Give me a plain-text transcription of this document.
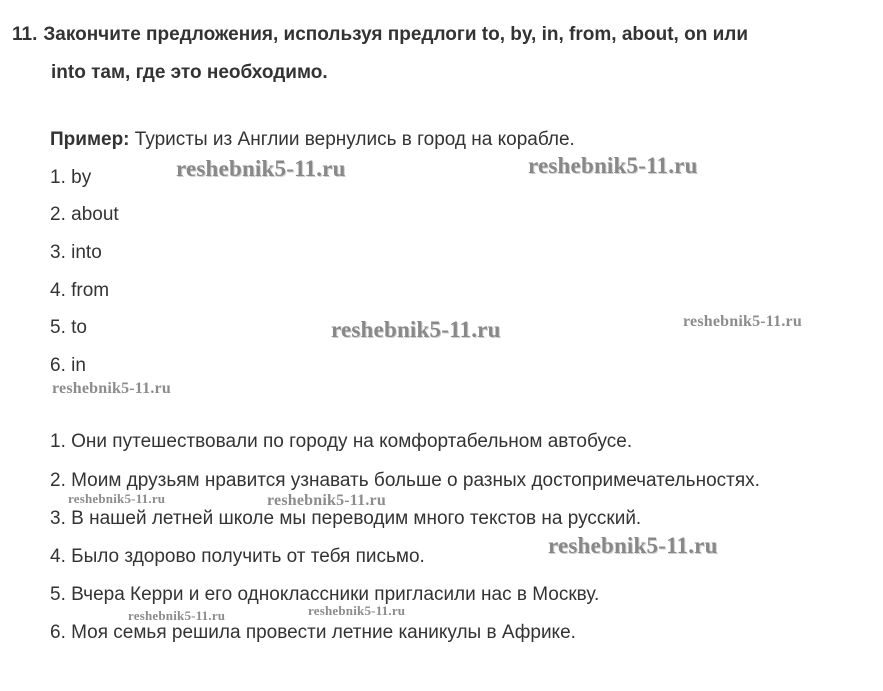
11. Закончите предложения, используя предлоги to, by, in, from, about, on или
into там, где это необходимо.
Пример: Туристы из Англии вернулись в город на корабле.
1. by
2. about
3. into
4. from
5. to
6. in
1. Они путешествовали по городу на комфортабельном автобусе.
2. Моим друзьям нравится узнавать больше о разных достопримечательностях.
3. В нашей летней школе мы переводим много текстов на русский.
4. Было здорово получить от тебя письмо.
5. Вчера Керри и его одноклассники пригласили нас в Москву.
6. Моя семья решила провести летние каникулы в Африке.
reshebnik5-11.ru	reshebnik5-11.ru
reshebnik5-11.ru	reshebnik5-11.ru
reshebnik5-11.ru
reshebnik5-11.ru	reshebnik5-11.ru
reshebnik5-11.ru
reshebnik5-11.ru	reshebnik5-11.ru
